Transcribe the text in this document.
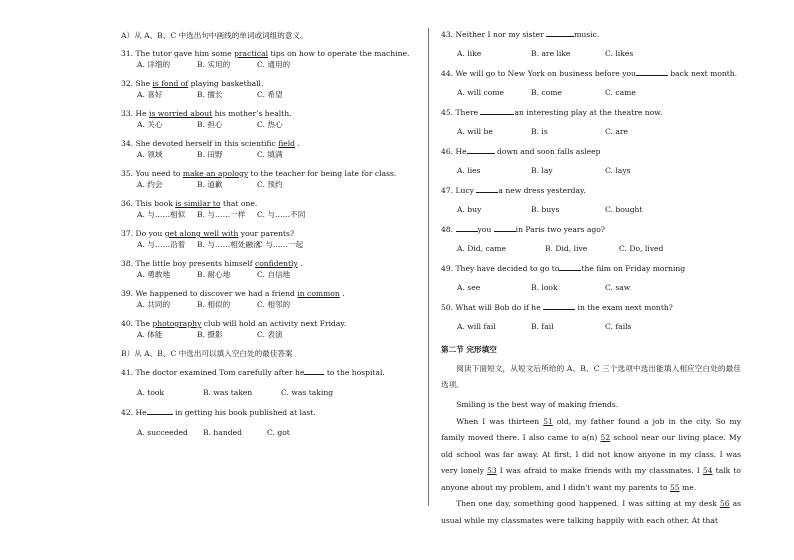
A）从 A、B、C 中选出句中画线的单词或词组的意义。

31. The tutor gave him some practical tips on how to operate the machine.

A. 详细的	B. 实用的	C. 通用的

32. She is fond of playing basketball.

A. 喜好	B. 擅长	C. 希望

33. He is worried about his mother’s health.

A. 关心	B. 担心	C. 热心

34. She devoted herself in this scientific field .

A. 领域	B. 田野	C. 填满

35. You need to make an apology to the teacher for being late for class.

A. 约会	B. 道歉	C. 预约

36. This book is similar to that one.

A. 与……相似	B. 与……一样	C. 与……不同

37. Do you get along well with your parents?

A. 与……沿着	B. 与……相处融洽
C 与……一起

38. The little boy presents himself confidently .

A. 勇敢地	B. 耐心地	C. 自信地

39. We happened to discover we had a friend in common .

A. 共同的	B. 相似的	C. 相邻的

40. The photography club will hold an activity next Friday.

A. 体能	B. 摄影	C. 表演
B）从 A、B、C 中选出可以填入空白处的最佳答案

41. The doctor examined Tom carefully after he	to the hospital.

A. took	B. was taken	C. was taking

42. He	in getting his book published at last.

A. succeeded	B. handed	C. got

43. Neither I nor my sister	music.

A. like	B. are like	C. likes

44. We will go to New York on business before you	back next month.

A. will come	B. come	C. came

45. There	an interesting play at the theatre now.

A. will be	B. is	C. are

46. He	down and soon falls asleep

A. lies	B. lay	C. lays

47. Lucy	a new dress yesterday.

A. buy	B. buys	C. bought

48.	you	in Paris two years ago?

A. Did, came	B. Did, live	C. Do, lived

49. They have decided to go to	the film on Friday morning

A. see	B. look	C. saw

50. What will Bob do if he	in the exam next month?

A. will fail	B. fail	C. fails
第二节 完形填空
阅读下面短文，从短文后所给的 A、B、C 三个选项中选出能填入相应空白处的最佳选项。
Smiling is the best way of making friends.
When I was thirteen 51 old, my father found a job in the city. So my family moved there. I also came to a(n) 52 school near our living place. My old school was far away. At first, I did not know anyone in my class. I was very lonely 53 I was afraid to make friends with my classmates. I 54 talk to anyone about my problem, and I didn't want my parents to 55 me.
Then one day, something good happened. I was sitting at my desk 56 as usual while my classmates were talking happily with each other. At that
